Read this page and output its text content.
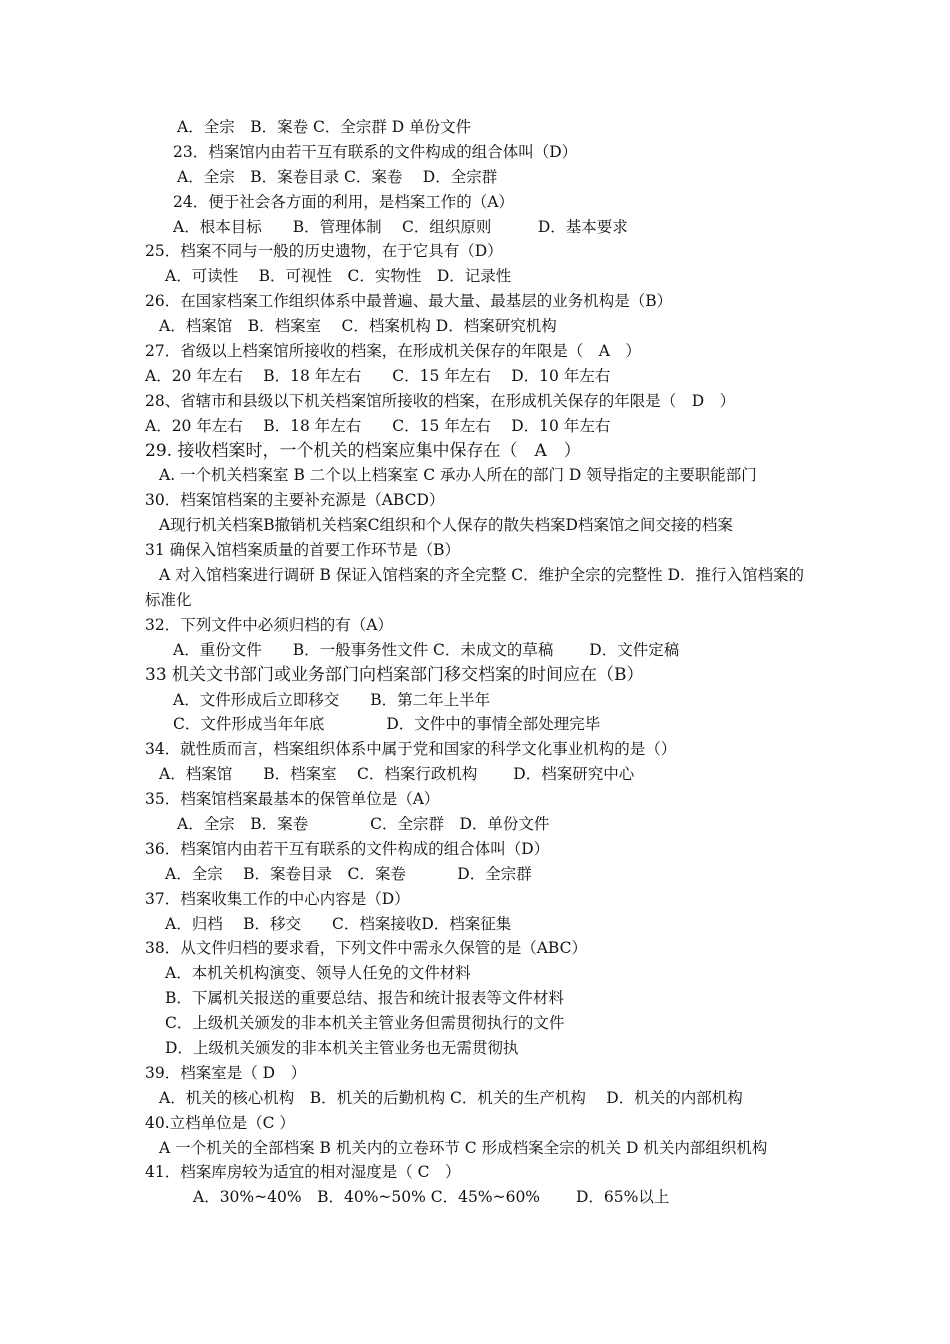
A．全宗　B．案卷 C．全宗群 D 单份文件
23．档案馆内由若干互有联系的文件构成的组合体叫（D）
A．全宗　B．案卷目录 C．案卷　 D．全宗群
24．便于社会各方面的利用，是档案工作的（A）
A．根本目标　　B．管理体制　 C．组织原则　　　D．基本要求
25．档案不同与一般的历史遗物，在于它具有（D）
A．可读性　 B．可视性　C．实物性　D．记录性
26．在国家档案工作组织体系中最普遍、最大量、最基层的业务机构是（B）
A．档案馆　B．档案室　 C．档案机构 D．档案研究机构
27．省级以上档案馆所接收的档案，在形成机关保存的年限是（　A　）
A．20 年左右　 B．18 年左右　　C．15 年左右　 D．10 年左右
28、省辖市和县级以下机关档案馆所接收的档案，在形成机关保存的年限是（　D　）
A．20 年左右　 B．18 年左右　　C．15 年左右　 D．10 年左右
29. 接收档案时，一个机关的档案应集中保存在（　A　）
A. 一个机关档案室 B 二个以上档案室 C 承办人所在的部门 D 领导指定的主要职能部门
30．档案馆档案的主要补充源是（ABCD）
A现行机关档案B撤销机关档案C组织和个人保存的散失档案D档案馆之间交接的档案
31 确保入馆档案质量的首要工作环节是（B）
A 对入馆档案进行调研 B 保证入馆档案的齐全完整 C．维护全宗的完整性 D．推行入馆档案的标准化
32．下列文件中必须归档的有（A）
A．重份文件　　B．一般事务性文件 C．未成文的草稿　　 D．文件定稿
33 机关文书部门或业务部门向档案部门移交档案的时间应在（B）
A．文件形成后立即移交　　B．第二年上半年
C．文件形成当年年底　　　　D．文件中的事情全部处理完毕
34．就性质而言，档案组织体系中属于党和国家的科学文化事业机构的是（）
A．档案馆　　B．档案室　 C．档案行政机构　　 D．档案研究中心
35．档案馆档案最基本的保管单位是（A）
A．全宗　B．案卷　　　　C．全宗群　D．单份文件
36．档案馆内由若干互有联系的文件构成的组合体叫（D）
A．全宗　 B．案卷目录　C．案卷　　　 D．全宗群
37．档案收集工作的中心内容是（D）
A．归档　 B．移交　　C．档案接收D．档案征集
38．从文件归档的要求看，下列文件中需永久保管的是（ABC）
A．本机关机构演变、领导人任免的文件材料
B．下属机关报送的重要总结、报告和统计报表等文件材料
C．上级机关颁发的非本机关主管业务但需贯彻执行的文件
D．上级机关颁发的非本机关主管业务也无需贯彻执
39．档案室是（ D　）
A．机关的核心机构　B．机关的后勤机构 C．机关的生产机构　 D．机关的内部机构
40.立档单位是（C ）
A 一个机关的全部档案 B 机关内的立卷环节 C 形成档案全宗的机关 D 机关内部组织机构
41．档案库房较为适宜的相对湿度是（ C　）
A．30%~40%　B．40%~50% C．45%~60%　　 D．65%以上
